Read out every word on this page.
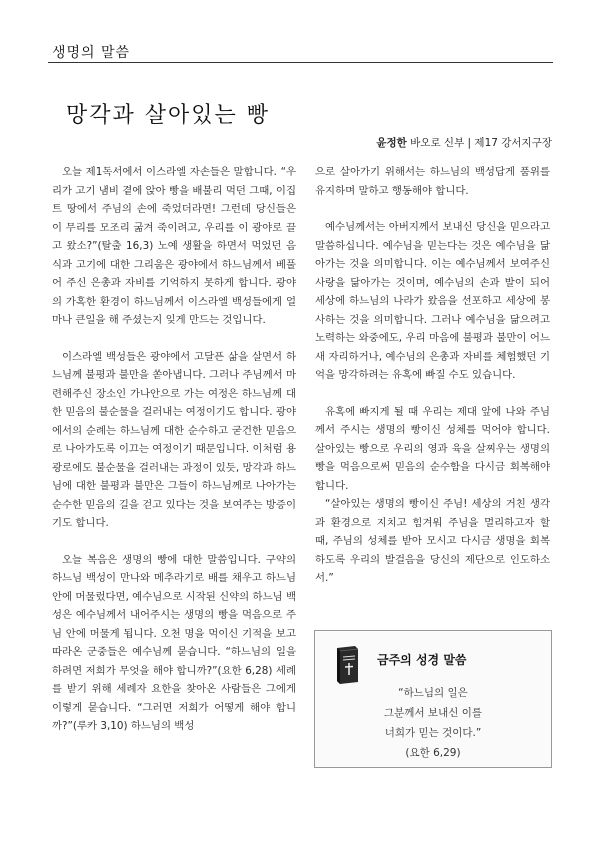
생명의 말씀
망각과 살아있는 빵
윤정한 바오로 신부 | 제17 강서지구장

오늘 제1독서에서 이스라엘 자손들은 말합니다. “우리가 고기 냄비 곁에 앉아 빵을 배불리 먹던 그때, 이집트 땅에서 주님의 손에 죽었더라면! 그런데 당신들은 이 무리를 모조리 굶겨 죽이려고, 우리를 이 광야로 끌고 왔소?”(탈출 16,3) 노예 생활을 하면서 먹었던 음식과 고기에 대한 그리움은 광야에서 하느님께서 베풀어 주신 은총과 자비를 기억하지 못하게 합니다. 광야의 가혹한 환경이 하느님께서 이스라엘 백성들에게 얼마나 큰일을 해 주셨는지 잊게 만드는 것입니다.

이스라엘 백성들은 광야에서 고달픈 삶을 살면서 하느님께 불평과 불만을 쏟아냅니다. 그러나 주님께서 마련해주신 장소인 가나안으로 가는 여정은 하느님께 대한 믿음의 불순물을 걸러내는 여정이기도 합니다. 광야에서의 순례는 하느님께 대한 순수하고 굳건한 믿음으로 나아가도록 이끄는 여정이기 때문입니다. 이처럼 용광로에도 불순물을 걸러내는 과정이 있듯, 망각과 하느님에 대한 불평과 불만은 그들이 하느님께로 나아가는 순수한 믿음의 길을 걷고 있다는 것을 보여주는 방증이기도 합니다.

오늘 복음은 생명의 빵에 대한 말씀입니다. 구약의 하느님 백성이 만나와 메추라기로 배를 채우고 하느님 안에 머물렀다면, 예수님으로 시작된 신약의 하느님 백성은 예수님께서 내어주시는 생명의 빵을 먹음으로 주님 안에 머물게 됩니다. 오천 명을 먹이신 기적을 보고 따라온 군중들은 예수님께 묻습니다. “하느님의 일을 하려면 저희가 무엇을 해야 합니까?”(요한 6,28) 세례를 받기 위해 세례자 요한을 찾아온 사람들은 그에게 이렇게 묻습니다. “그러면 저희가 어떻게 해야 합니까?”(루카 3,10) 하느님의 백성

으로 살아가기 위해서는 하느님의 백성답게 품위를 유지하며 말하고 행동해야 합니다.

예수님께서는 아버지께서 보내신 당신을 믿으라고 말씀하십니다. 예수님을 믿는다는 것은 예수님을 닮아가는 것을 의미합니다. 이는 예수님께서 보여주신 사랑을 닮아가는 것이며, 예수님의 손과 발이 되어 세상에 하느님의 나라가 왔음을 선포하고 세상에 봉사하는 것을 의미합니다. 그러나 예수님을 닮으려고 노력하는 와중에도, 우리 마음에 불평과 불만이 어느새 자리하거나, 예수님의 은총과 자비를 체험했던 기억을 망각하려는 유혹에 빠질 수도 있습니다.

유혹에 빠지게 될 때 우리는 제대 앞에 나와 주님께서 주시는 생명의 빵이신 성체를 먹어야 합니다. 살아있는 빵으로 우리의 영과 육을 살찌우는 생명의 빵을 먹음으로써 믿음의 순수함을 다시금 회복해야 합니다.

“살아있는 생명의 빵이신 주님! 세상의 거친 생각과 환경으로 지치고 힘겨워 주님을 멀리하고자 할 때, 주님의 성체를 받아 모시고 다시금 생명을 회복하도록 우리의 발걸음을 당신의 제단으로 인도하소서.”

금주의 성경 말씀
“하느님의 일은
그분께서 보내신 이를
너희가 믿는 것이다.”
(요한 6,29)
